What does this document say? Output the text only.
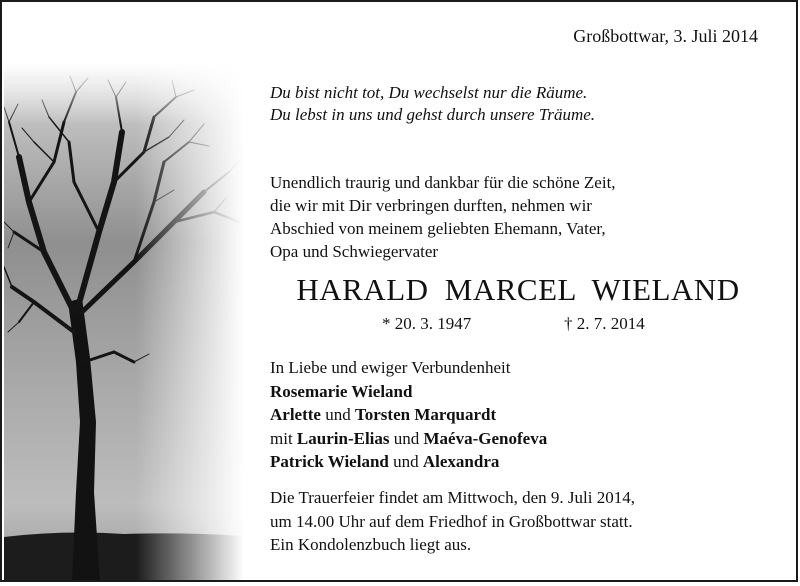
Großbottwar, 3. Juli 2014
Du bist nicht tot, Du wechselst nur die Räume.
Du lebst in uns und gehst durch unsere Träume.
Unendlich traurig und dankbar für die schöne Zeit,
die wir mit Dir verbringen durften, nehmen wir
Abschied von meinem geliebten Ehemann, Vater,
Opa und Schwiegervater
HARALD MARCEL WIELAND
* 20. 3. 1947	† 2. 7. 2014
In Liebe und ewiger Verbundenheit
Rosemarie Wieland
Arlette und Torsten Marquardt
mit Laurin-Elias und Maéva-Genofeva
Patrick Wieland und Alexandra
Die Trauerfeier findet am Mittwoch, den 9. Juli 2014,
um 14.00 Uhr auf dem Friedhof in Großbottwar statt.
Ein Kondolenzbuch liegt aus.
